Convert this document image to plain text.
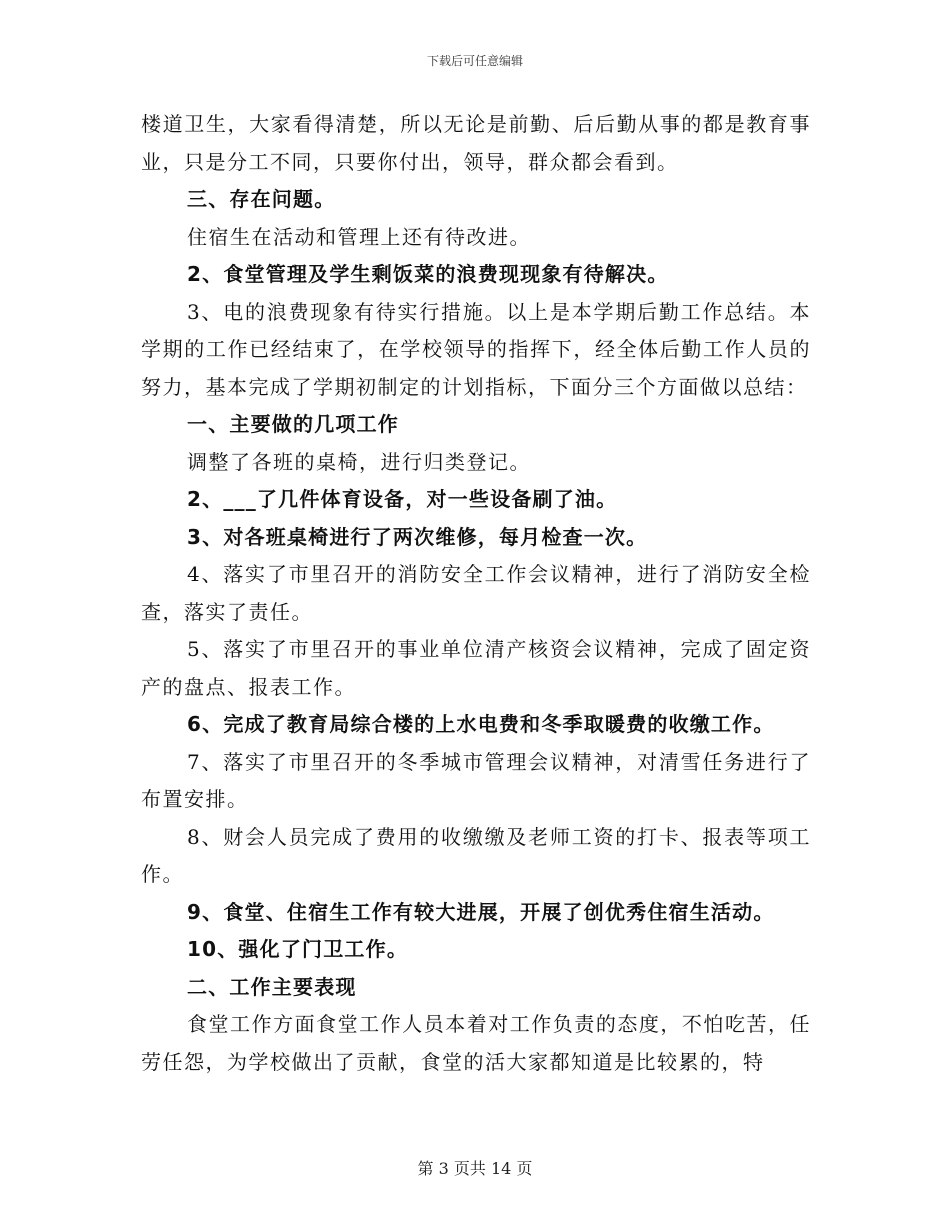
下载后可任意编辑

楼道卫生，大家看得清楚，所以无论是前勤、后后勤从事的都是教育事业，只是分工不同，只要你付出，领导，群众都会看到。

三、存在问题。

住宿生在活动和管理上还有待改进。

2、食堂管理及学生剩饭菜的浪费现现象有待解决。

3、电的浪费现象有待实行措施。以上是本学期后勤工作总结。本学期的工作已经结束了，在学校领导的指挥下，经全体后勤工作人员的努力，基本完成了学期初制定的计划指标，下面分三个方面做以总结：

一、主要做的几项工作

调整了各班的桌椅，进行归类登记。

2、___了几件体育设备，对一些设备刷了油。

3、对各班桌椅进行了两次维修，每月检查一次。

4、落实了市里召开的消防安全工作会议精神，进行了消防安全检查，落实了责任。

5、落实了市里召开的事业单位清产核资会议精神，完成了固定资产的盘点、报表工作。

6、完成了教育局综合楼的上水电费和冬季取暖费的收缴工作。

7、落实了市里召开的冬季城市管理会议精神，对清雪任务进行了布置安排。

8、财会人员完成了费用的收缴缴及老师工资的打卡、报表等项工作。

9、食堂、住宿生工作有较大进展，开展了创优秀住宿生活动。

10、强化了门卫工作。

二、工作主要表现

食堂工作方面食堂工作人员本着对工作负责的态度，不怕吃苦，任劳任怨，为学校做出了贡献，食堂的活大家都知道是比较累的，特

第 3 页共 14 页
